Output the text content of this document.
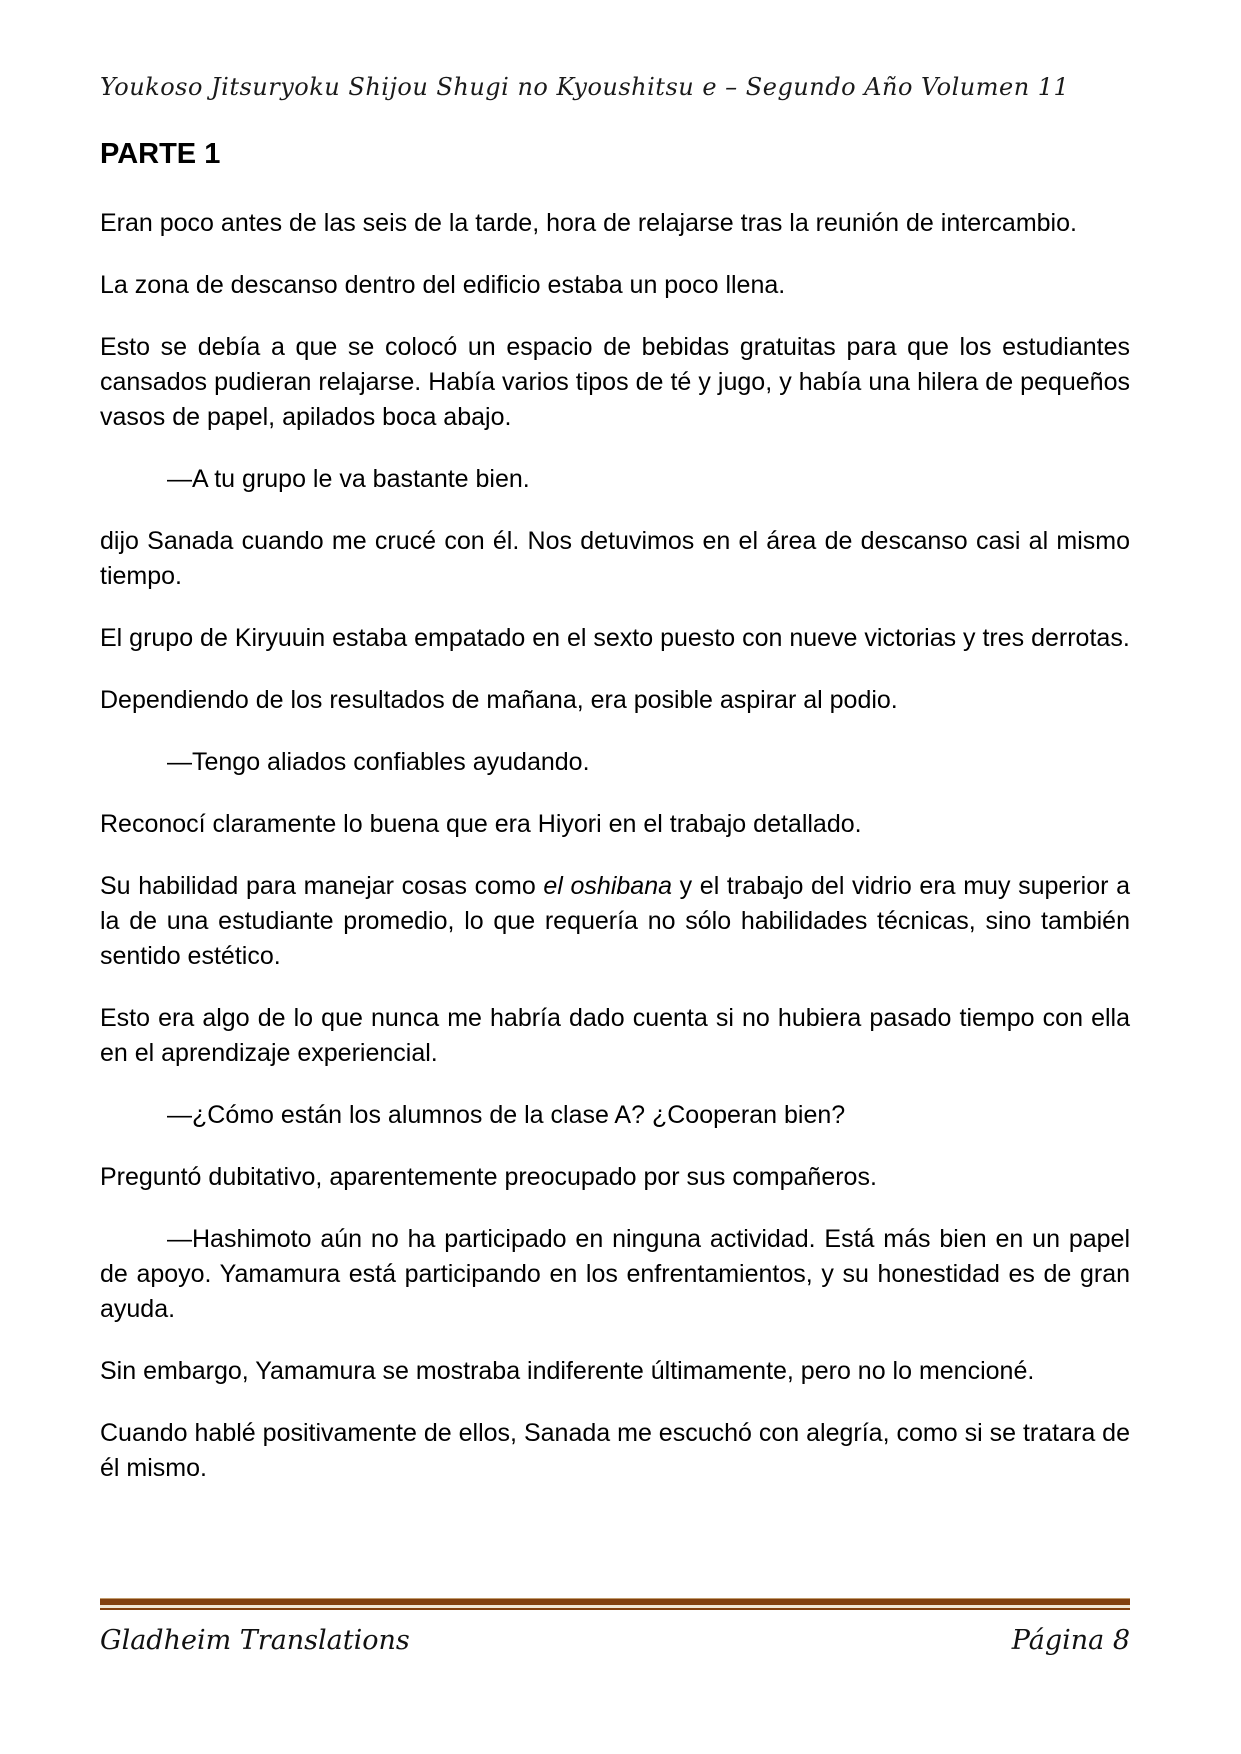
Youkoso Jitsuryoku Shijou Shugi no Kyoushitsu e – Segundo Año Volumen 11
PARTE 1

Eran poco antes de las seis de la tarde, hora de relajarse tras la reunión de intercambio.

La zona de descanso dentro del edificio estaba un poco llena.

Esto se debía a que se colocó un espacio de bebidas gratuitas para que los estudiantes cansados pudieran relajarse. Había varios tipos de té y jugo, y había una hilera de pequeños vasos de papel, apilados boca abajo.

—A tu grupo le va bastante bien.

dijo Sanada cuando me crucé con él. Nos detuvimos en el área de descanso casi al mismo tiempo.

El grupo de Kiryuuin estaba empatado en el sexto puesto con nueve victorias y tres derrotas.

Dependiendo de los resultados de mañana, era posible aspirar al podio.

—Tengo aliados confiables ayudando.

Reconocí claramente lo buena que era Hiyori en el trabajo detallado.

Su habilidad para manejar cosas como el oshibana y el trabajo del vidrio era muy superior a la de una estudiante promedio, lo que requería no sólo habilidades técnicas, sino también sentido estético.

Esto era algo de lo que nunca me habría dado cuenta si no hubiera pasado tiempo con ella en el aprendizaje experiencial.

—¿Cómo están los alumnos de la clase A? ¿Cooperan bien?

Preguntó dubitativo, aparentemente preocupado por sus compañeros.

—Hashimoto aún no ha participado en ninguna actividad. Está más bien en un papel de apoyo. Yamamura está participando en los enfrentamientos, y su honestidad es de gran ayuda.

Sin embargo, Yamamura se mostraba indiferente últimamente, pero no lo mencioné.

Cuando hablé positivamente de ellos, Sanada me escuchó con alegría, como si se tratara de él mismo.

Gladheim Translations	Página 8
